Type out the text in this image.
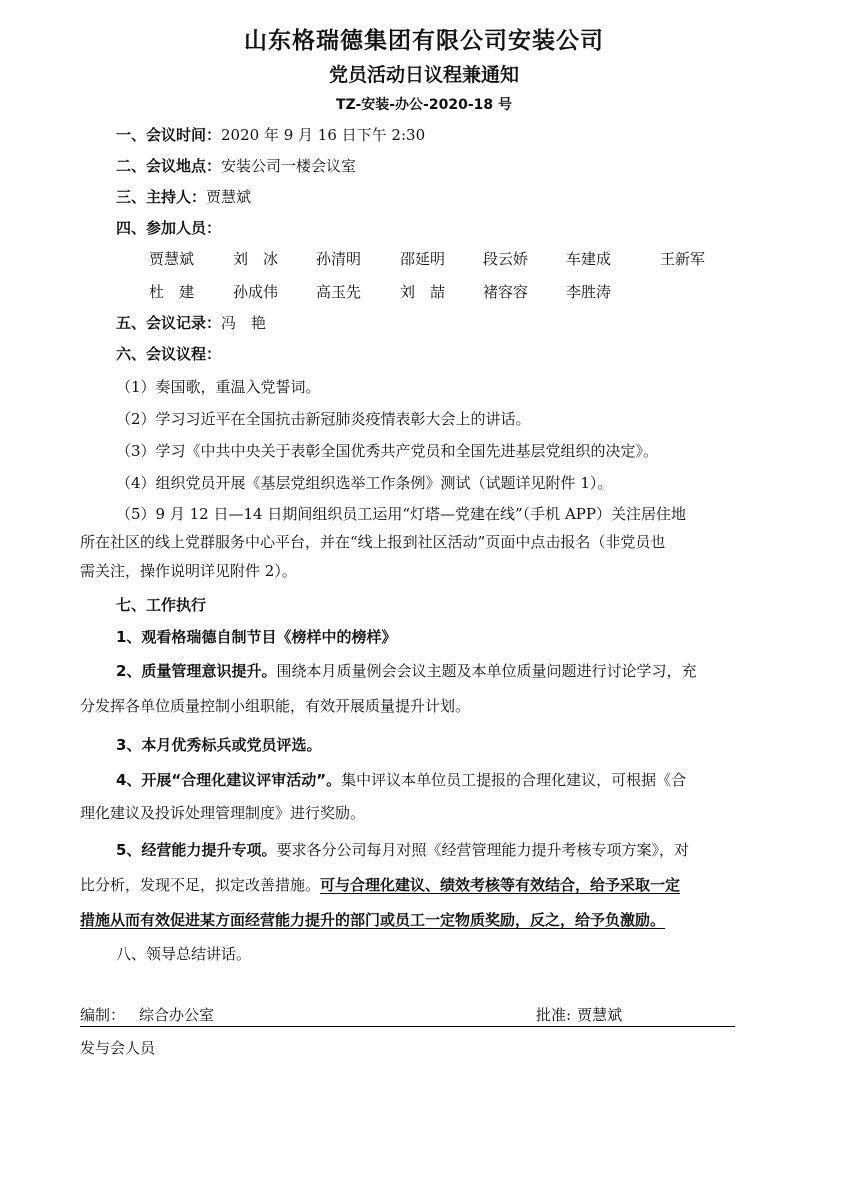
山东格瑞德集团有限公司安装公司
党员活动日议程兼通知
TZ-安装-办公-2020-18 号
一、会议时间：2020 年 9 月 16 日下午 2:30
二、会议地点：安装公司一楼会议室
三、主持人：贾慧斌
四、参加人员：
贾慧斌	刘　冰	孙清明	邵延明	段云娇	车建成	王新军
杜　建	孙成伟	高玉先	刘　喆	褚容容	李胜涛
五、会议记录：冯　艳
六、会议议程：
（1）奏国歌，重温入党誓词。
（2）学习习近平在全国抗击新冠肺炎疫情表彰大会上的讲话。
（3）学习《中共中央关于表彰全国优秀共产党员和全国先进基层党组织的决定》。
（4）组织党员开展《基层党组织选举工作条例》测试（试题详见附件 1）。
（5）9 月 12 日—14 日期间组织员工运用“灯塔—党建在线”（手机 APP）关注居住地
所在社区的线上党群服务中心平台，并在“线上报到社区活动”页面中点击报名（非党员也
需关注，操作说明详见附件 2）。
七、工作执行
1、观看格瑞德自制节目《榜样中的榜样》
2、质量管理意识提升。围绕本月质量例会会议主题及本单位质量问题进行讨论学习，充
分发挥各单位质量控制小组职能，有效开展质量提升计划。
3、本月优秀标兵或党员评选。
4、开展“合理化建议评审活动”。集中评议本单位员工提报的合理化建议，可根据《合
理化建议及投诉处理管理制度》进行奖励。
5、经营能力提升专项。要求各分公司每月对照《经营管理能力提升考核专项方案》，对
比分析，发现不足，拟定改善措施。可与合理化建议、绩效考核等有效结合，给予采取一定
措施从而有效促进某方面经营能力提升的部门或员工一定物质奖励，反之，给予负激励。
八、领导总结讲话。
编制： 综合办公室	批准: 贾慧斌
发与会人员
